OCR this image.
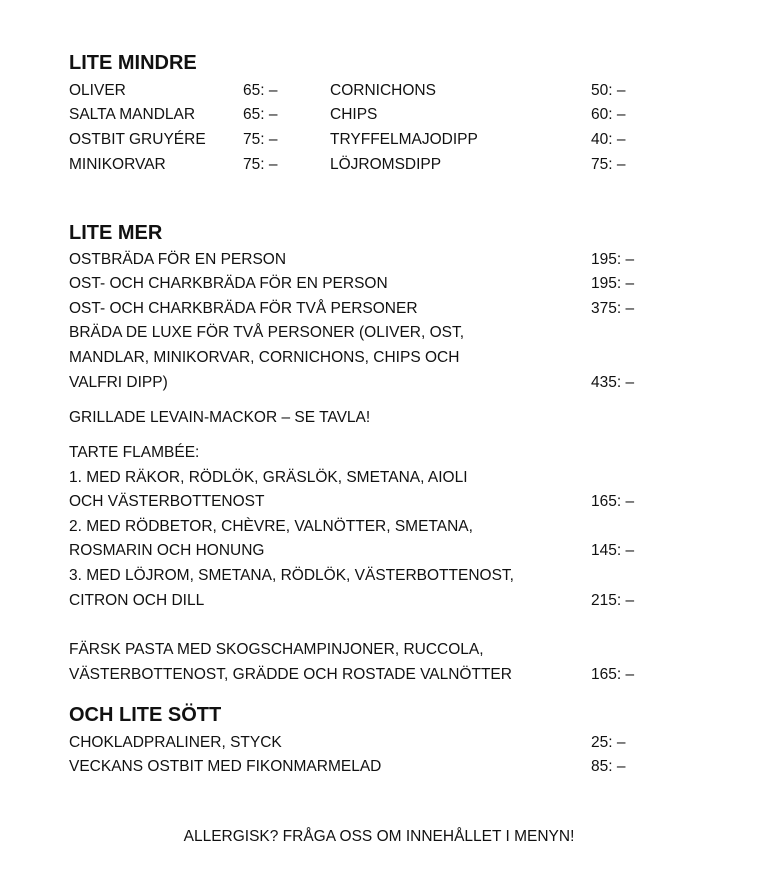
LITE MINDRE
OLIVER	65: –	CORNICHONS	50: –
SALTA MANDLAR	65: –	CHIPS	60: –
OSTBIT GRUYÉRE 75: –	TRYFFELMAJODIPP	40: –
MINIKORVAR	75: –	LÖJROMSDIPP	75: –
LITE MER
OSTBRÄDA FÖR EN PERSON	195: –
OST- OCH CHARKBRÄDA FÖR EN PERSON	195: –
OST- OCH CHARKBRÄDA FÖR TVÅ PERSONER	375: –
BRÄDA DE LUXE FÖR TVÅ PERSONER (OLIVER, OST,
MANDLAR, MINIKORVAR, CORNICHONS, CHIPS OCH
VALFRI DIPP)	435: –
GRILLADE LEVAIN-MACKOR – SE TAVLA!
TARTE FLAMBÉE:
1. MED RÄKOR, RÖDLÖK, GRÄSLÖK, SMETANA, AIOLI
OCH VÄSTERBOTTENOST	165: –
2. MED RÖDBETOR, CHÈVRE, VALNÖTTER, SMETANA,
ROSMARIN OCH HONUNG	145: –
3. MED LÖJROM, SMETANA, RÖDLÖK, VÄSTERBOTTENOST,
CITRON OCH DILL	215: –
FÄRSK PASTA MED SKOGSCHAMPINJONER, RUCCOLA,
VÄSTERBOTTENOST, GRÄDDE OCH ROSTADE VALNÖTTER	165: –
OCH LITE SÖTT
CHOKLADPRALINER, STYCK	25: –
VECKANS OSTBIT MED FIKONMARMELAD	85: –
ALLERGISK? FRÅGA OSS OM INNEHÅLLET I MENYN!
